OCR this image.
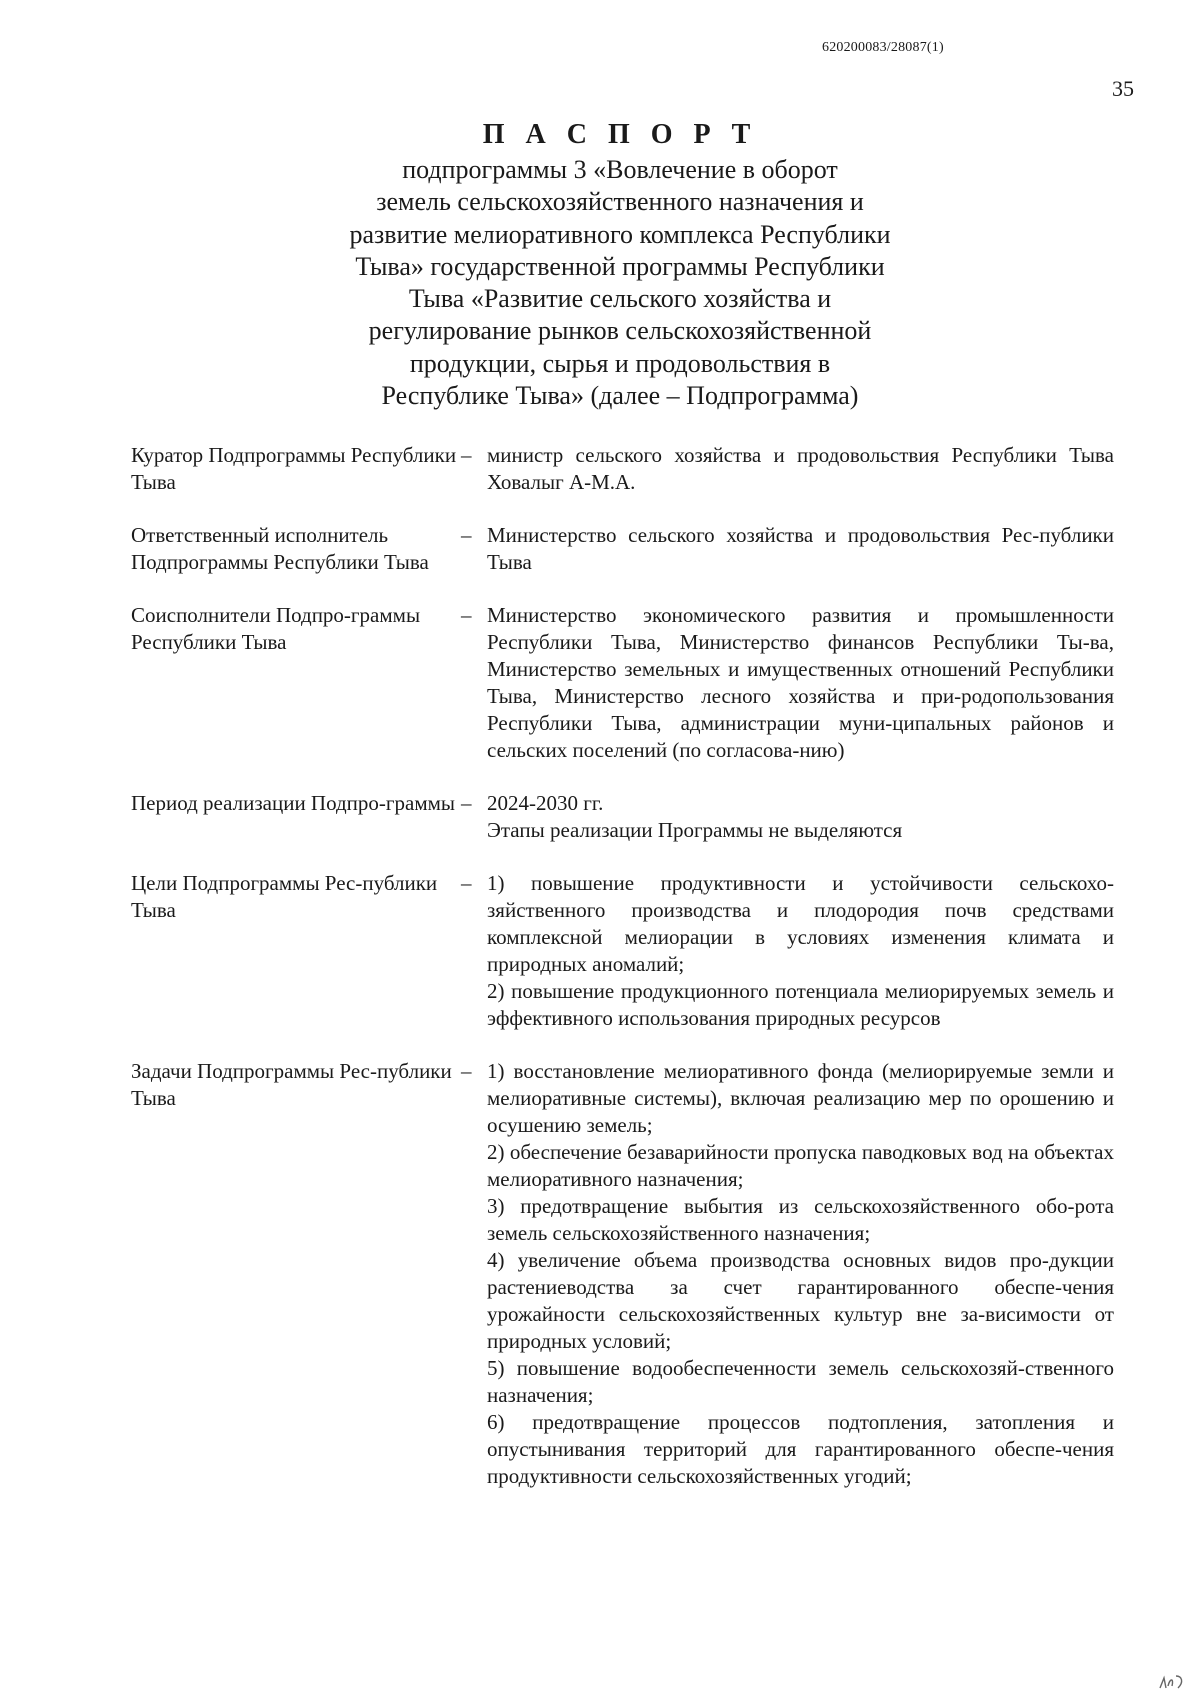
620200083/28087(1)
35

П А С П О Р Т

подпрограммы 3 «Вовлечение в оборот

земель сельскохозяйственного назначения и

развитие мелиоративного комплекса Республики

Тыва» государственной программы Республики

Тыва «Развитие сельского хозяйства и

регулирование рынков сельскохозяйственной

продукции, сырья и продовольствия в

Республике Тыва» (далее – Подпрограмма)

Куратор Подпрограммы Республики Тыва
– министр сельского хозяйства и продовольствия Республики Тыва Ховалыг А-М.А.

Ответственный исполнитель Подпрограммы Республики Тыва
– Министерство сельского хозяйства и продовольствия Рес-публики Тыва

Соисполнители Подпро-граммы Республики Тыва
– Министерство экономического развития и промышленности Республики Тыва, Министерство финансов Республики Ты-ва, Министерство земельных и имущественных отношений Республики Тыва, Министерство лесного хозяйства и при-родопользования Республики Тыва, администрации муни-ципальных районов и сельских поселений (по согласова-нию)

Период реализации Подпро-граммы – 2024-2030 гг.

Этапы реализации Программы не выделяются

Цели Подпрограммы Рес-публики Тыва
– 1) повышение продуктивности и устойчивости сельскохо-зяйственного производства и плодородия почв средствами комплексной мелиорации в условиях изменения климата и природных аномалий;

2) повышение продукционного потенциала мелиорируемых земель и эффективного использования природных ресурсов

Задачи Подпрограммы Рес-публики Тыва
– 1) восстановление мелиоративного фонда (мелиорируемые земли и мелиоративные системы), включая реализацию мер по орошению и осушению земель;

2) обеспечение безаварийности пропуска паводковых вод на объектах мелиоративного назначения;

3) предотвращение выбытия из сельскохозяйственного обо-рота земель сельскохозяйственного назначения;

4) увеличение объема производства основных видов про-дукции растениеводства за счет гарантированного обеспе-чения урожайности сельскохозяйственных культур вне за-висимости от природных условий;

5) повышение водообеспеченности земель сельскохозяй-ственного назначения;

6) предотвращение процессов подтопления, затопления и опустынивания территорий для гарантированного обеспе-чения продуктивности сельскохозяйственных угодий;
